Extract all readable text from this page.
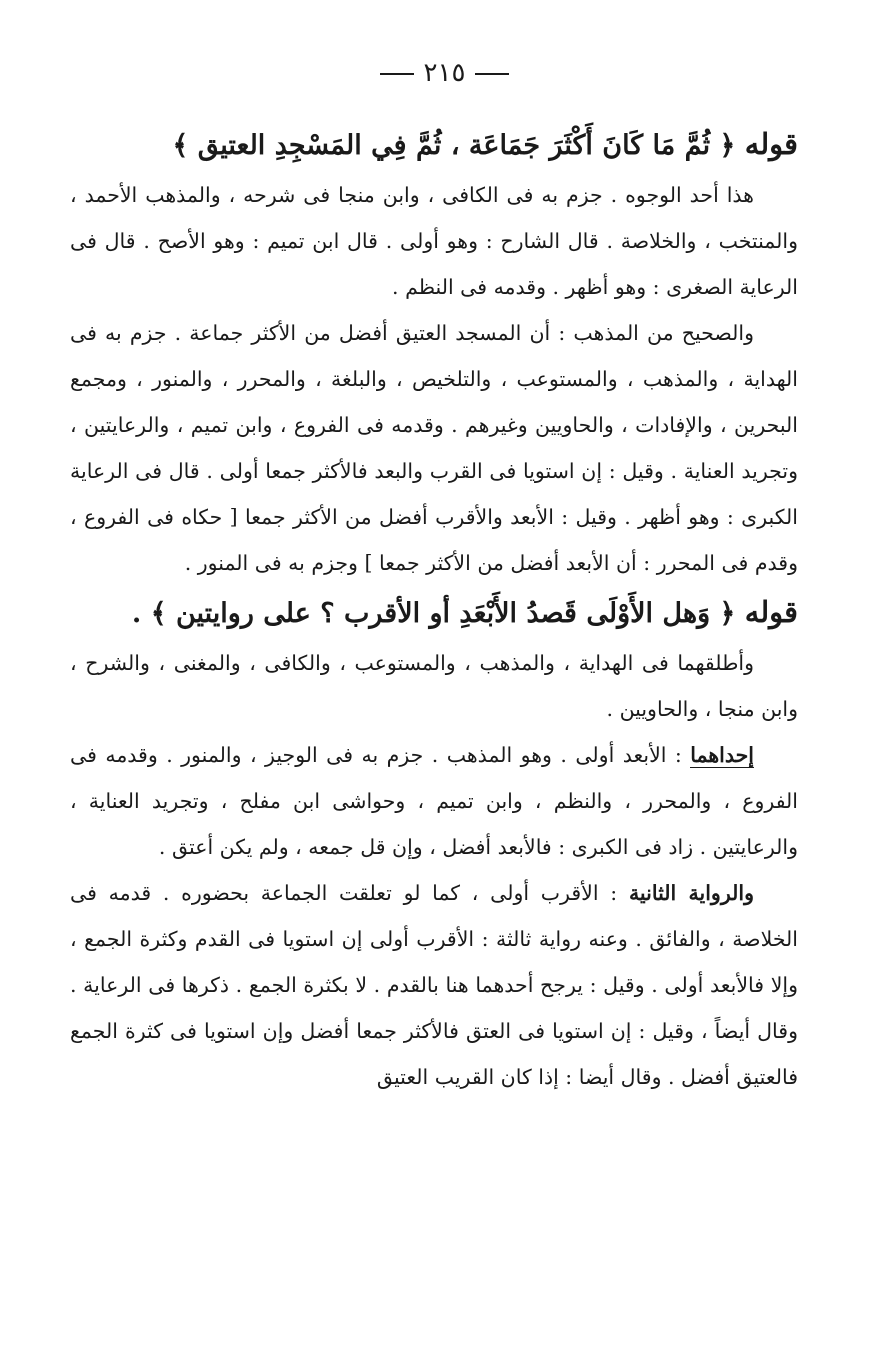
٢١٥

قوله ﴿ ثُمَّ مَا كَانَ أَكْثَرَ جَمَاعَة ، ثُمَّ فِي المَسْجِدِ العتيق ﴾

هذا أحد الوجوه . جزم به فى الكافى ، وابن منجا فى شرحه ، والمذهب الأحمد ، والمنتخب ، والخلاصة . قال الشارح : وهو أولى . قال ابن تميم : وهو الأصح . قال فى الرعاية الصغرى : وهو أظهر . وقدمه فى النظم .

والصحيح من المذهب : أن المسجد العتيق أفضل من الأكثر جماعة . جزم به فى الهداية ، والمذهب ، والمستوعب ، والتلخيص ، والبلغة ، والمحرر ، والمنور ، ومجمع البحرين ، والإفادات ، والحاويين وغيرهم . وقدمه فى الفروع ، وابن تميم ، والرعايتين ، وتجريد العناية . وقيل : إن استويا فى القرب والبعد فالأكثر جمعا أولى . قال فى الرعاية الكبرى : وهو أظهر . وقيل : الأبعد والأقرب أفضل من الأكثر جمعا [ حكاه فى الفروع ، وقدم فى المحرر : أن الأبعد أفضل من الأكثر جمعا ] وجزم به فى المنور .

قوله ﴿ وَهل الأَوْلَى قَصدُ الأَبْعَدِ أو الأقرب ؟ على روايتين ﴾ .

وأطلقهما فى الهداية ، والمذهب ، والمستوعب ، والكافى ، والمغنى ، والشرح ، وابن منجا ، والحاويين .

إحداهما : الأبعد أولى . وهو المذهب . جزم به فى الوجيز ، والمنور . وقدمه فى الفروع ، والمحرر ، والنظم ، وابن تميم ، وحواشى ابن مفلح ، وتجريد العناية ، والرعايتين . زاد فى الكبرى : فالأبعد أفضل ، وإن قل جمعه ، ولم يكن أعتق .

والرواية الثانية : الأقرب أولى ، كما لو تعلقت الجماعة بحضوره . قدمه فى الخلاصة ، والفائق . وعنه رواية ثالثة : الأقرب أولى إن استويا فى القدم وكثرة الجمع ، وإلا فالأبعد أولى . وقيل : يرجح أحدهما هنا بالقدم . لا بكثرة الجمع . ذكرها فى الرعاية . وقال أيضاً ، وقيل : إن استويا فى العتق فالأكثر جمعا أفضل وإن استويا فى كثرة الجمع فالعتيق أفضل . وقال أيضا : إذا كان القريب العتيق
